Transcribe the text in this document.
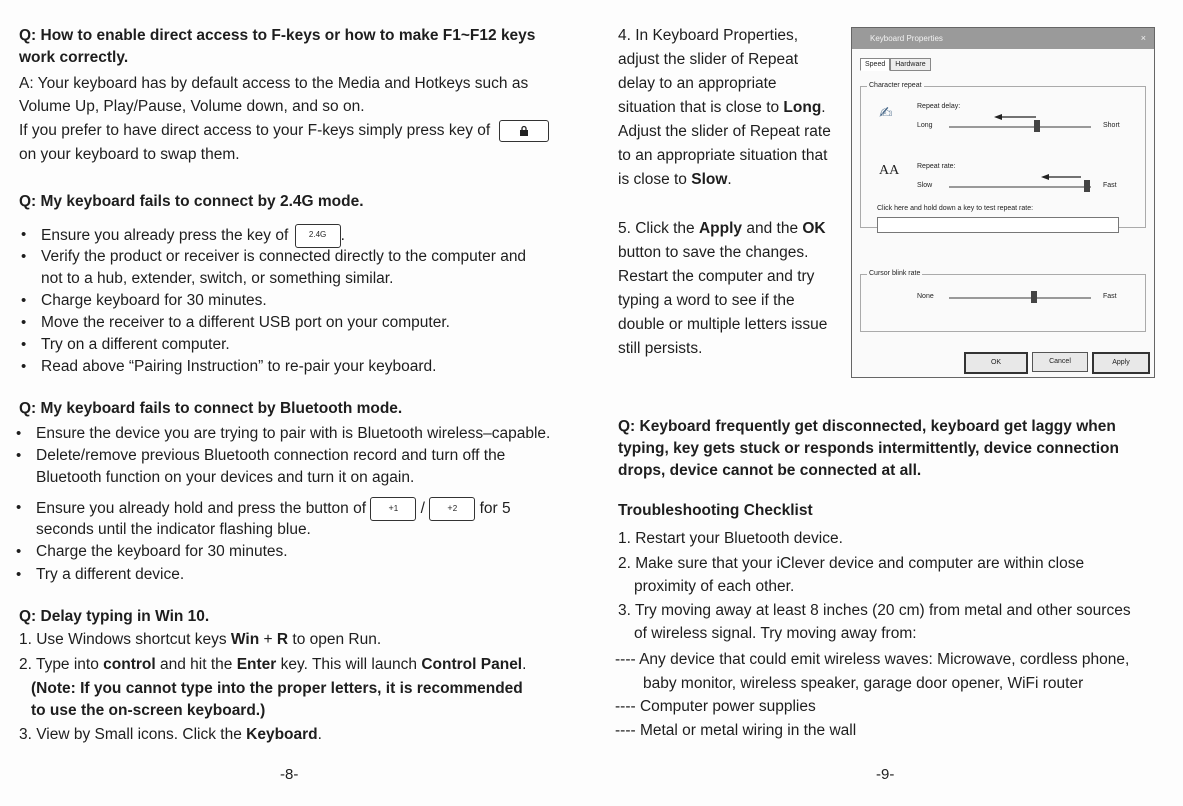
Q: How to enable direct access to F-keys or how to make F1~F12 keys
work correctly.
A: Your keyboard has by default access to the Media and Hotkeys such as
Volume Up, Play/Pause, Volume down, and so on.
If you prefer to have direct access to your F-keys simply press key of
on your keyboard to swap them.
Q: My keyboard fails to connect by 2.4G mode.
• Ensure you already press the key of	2.4G .
• Verify the product or receiver is connected directly to the computer and
not to a hub, extender, switch, or something similar.
• Charge keyboard for 30 minutes.
• Move the receiver to a different USB port on your computer.
• Try on a different computer.
• Read above “Pairing Instruction” to re-pair your keyboard.
Q: My keyboard fails to connect by Bluetooth mode.
• Ensure the device you are trying to pair with is Bluetooth wireless–capable.
• Delete/remove previous Bluetooth connection record and turn off the
Bluetooth function on your devices and turn it on again.
• Ensure you already hold and press the button of +1 / +2 for 5
seconds until the indicator flashing blue.
• Charge the keyboard for 30 minutes.
• Try a different device.
Q: Delay typing in Win 10.
1. Use Windows shortcut keys Win + R to open Run.
2. Type into control and hit the Enter key. This will launch Control Panel.
(Note: If you cannot type into the proper letters, it is recommended
to use the on-screen keyboard.)
3. View by Small icons. Click the Keyboard.
-8-
4. In Keyboard Properties,
adjust the slider of Repeat
delay to an appropriate
situation that is close to Long.
Adjust the slider of Repeat rate
to an appropriate situation that
is close to Slow.
5. Click the Apply and the OK
button to save the changes.
Restart the computer and try
typing a word to see if the
double or multiple letters issue
still persists.
Keyboard Properties	×
Speed Hardware
Character repeat
✍	Repeat delay:
Long	Short
AA	Repeat rate:
Slow	Fast
Click here and hold down a key to test repeat rate:
Cursor blink rate
None	Fast
OK	Cancel	Apply
Q: Keyboard frequently get disconnected, keyboard get laggy when
typing, key gets stuck or responds intermittently, device connection
drops, device cannot be connected at all.
Troubleshooting Checklist
1. Restart your Bluetooth device.
2. Make sure that your iClever device and computer are within close
proximity of each other.
3. Try moving away at least 8 inches (20 cm) from metal and other sources
of wireless signal. Try moving away from:
---- Any device that could emit wireless waves: Microwave, cordless phone,
baby monitor, wireless speaker, garage door opener, WiFi router
---- Computer power supplies
---- Metal or metal wiring in the wall
-9-
